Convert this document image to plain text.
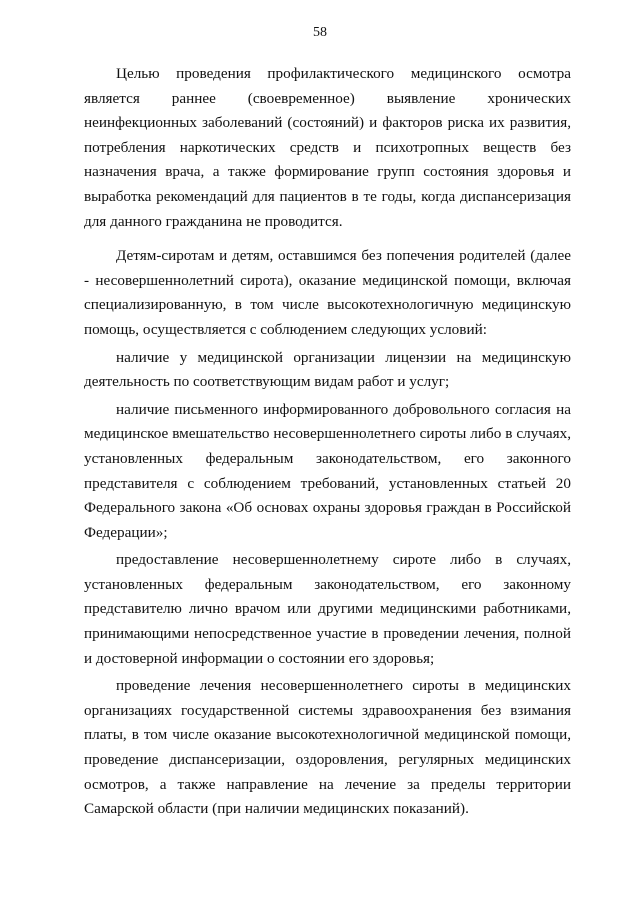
58

Целью проведения профилактического медицинского осмотра является раннее (своевременное) выявление хронических неинфекционных заболеваний (состояний) и факторов риска их развития, потребления наркотических средств и психотропных веществ без назначения врача, а также формирование групп состояния здоровья и выработка рекомендаций для пациентов в те годы, когда диспансеризация для данного гражданина не проводится.

Детям-сиротам и детям, оставшимся без попечения родителей (далее - несовершеннолетний сирота), оказание медицинской помощи, включая специализированную, в том числе высокотехнологичную медицинскую помощь, осуществляется с соблюдением следующих условий:

наличие у медицинской организации лицензии на медицинскую деятельность по соответствующим видам работ и услуг;

наличие письменного информированного добровольного согласия на медицинское вмешательство несовершеннолетнего сироты либо в случаях, установленных федеральным законодательством, его законного представителя с соблюдением требований, установленных статьей 20 Федерального закона «Об основах охраны здоровья граждан в Российской Федерации»;

предоставление несовершеннолетнему сироте либо в случаях, установленных федеральным законодательством, его законному представителю лично врачом или другими медицинскими работниками, принимающими непосредственное участие в проведении лечения, полной и достоверной информации о состоянии его здоровья;

проведение лечения несовершеннолетнего сироты в медицинских организациях государственной системы здравоохранения без взимания платы, в том числе оказание высокотехнологичной медицинской помощи, проведение диспансеризации, оздоровления, регулярных медицинских осмотров, а также направление на лечение за пределы территории Самарской области (при наличии медицинских показаний).
